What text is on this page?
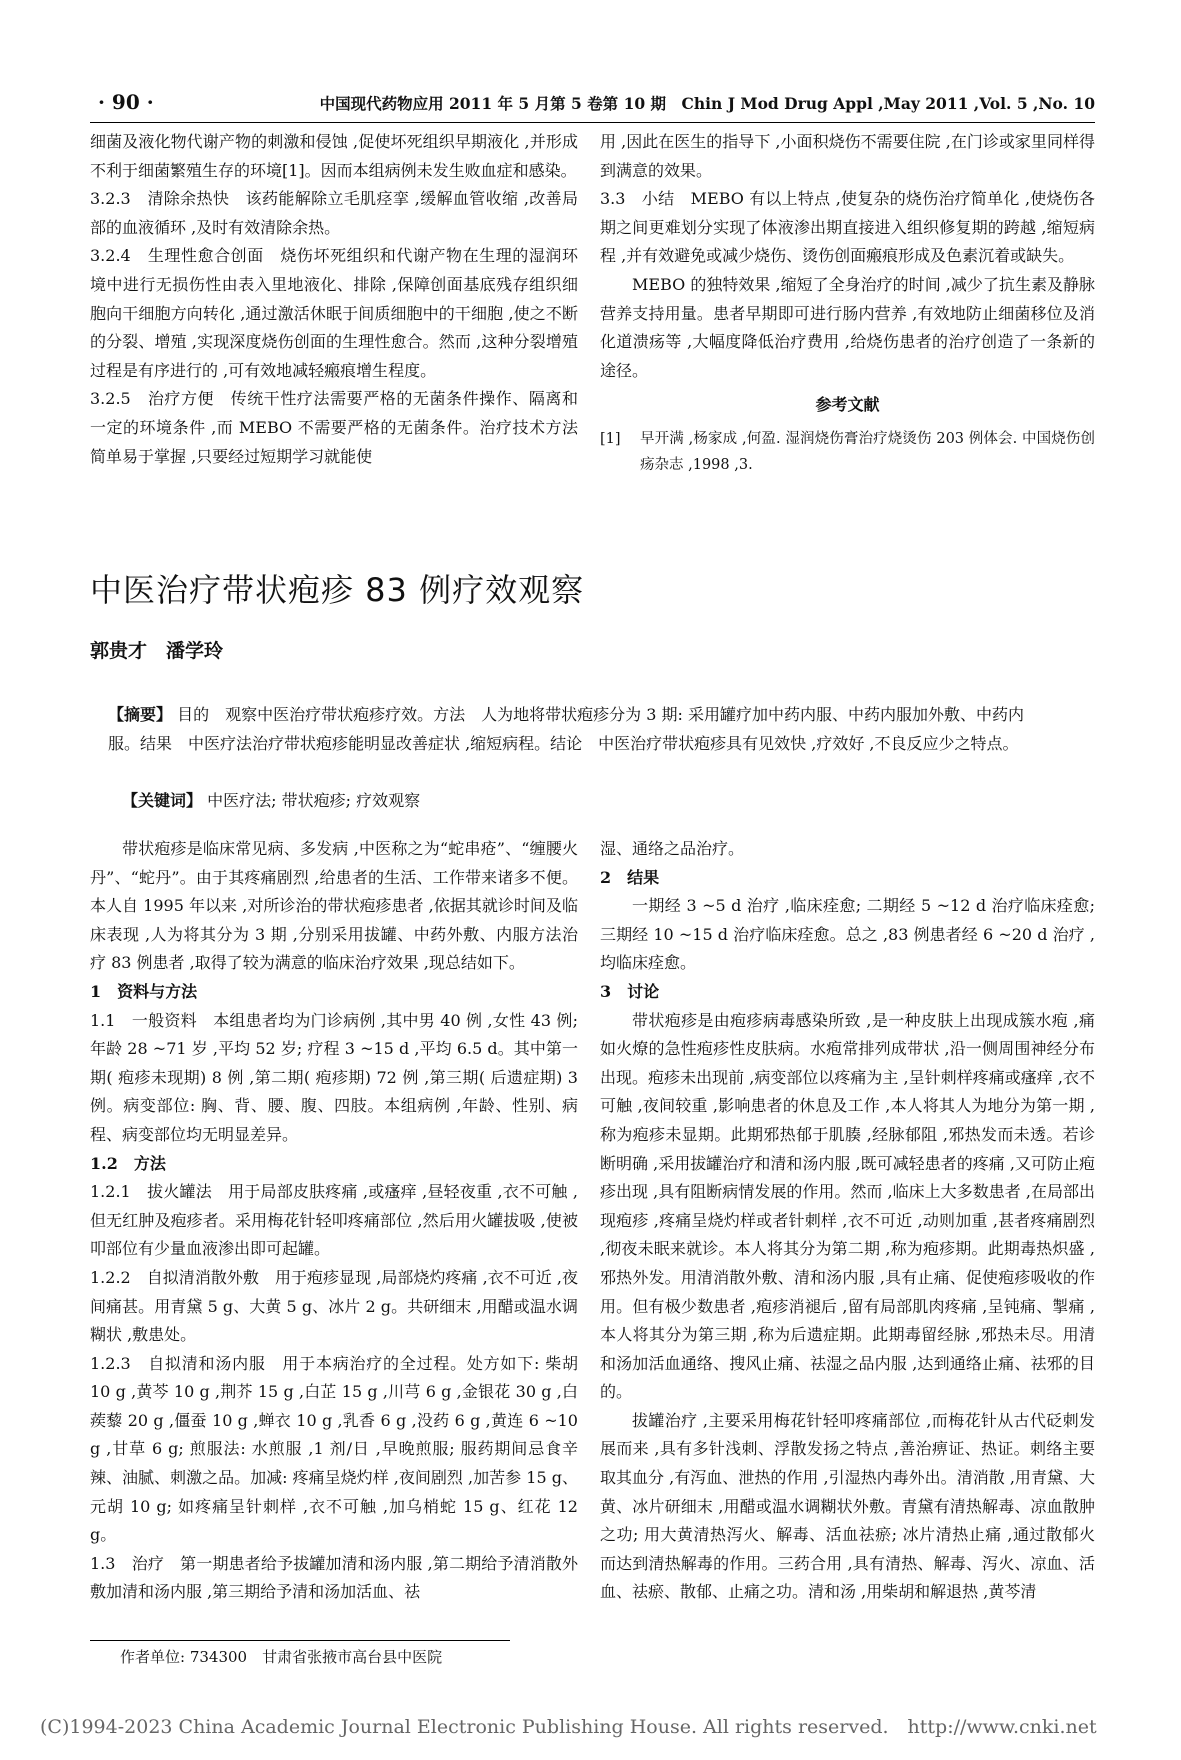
· 90 ·	中国现代药物应用 2011 年 5 月第 5 卷第 10 期　Chin J Mod Drug Appl ,May 2011 ,Vol. 5 ,No. 10

细菌及液化物代谢产物的刺激和侵蚀 ,促使坏死组织早期液化 ,并形成不利于细菌繁殖生存的环境[1]。因而本组病例未发生败血症和感染。

3.2.3　清除余热快　该药能解除立毛肌痉挛 ,缓解血管收缩 ,改善局部的血液循环 ,及时有效清除余热。

3.2.4　生理性愈合创面　烧伤坏死组织和代谢产物在生理的湿润环境中进行无损伤性由表入里地液化、排除 ,保障创面基底残存组织细胞向干细胞方向转化 ,通过激活休眠于间质细胞中的干细胞 ,使之不断的分裂、增殖 ,实现深度烧伤创面的生理性愈合。然而 ,这种分裂增殖过程是有序进行的 ,可有效地减轻瘢痕增生程度。

3.2.5　治疗方便　传统干性疗法需要严格的无菌条件操作、隔离和一定的环境条件 ,而 MEBO 不需要严格的无菌条件。治疗技术方法简单易于掌握 ,只要经过短期学习就能使

用 ,因此在医生的指导下 ,小面积烧伤不需要住院 ,在门诊或家里同样得到满意的效果。

3.3　小结　MEBO 有以上特点 ,使复杂的烧伤治疗简单化 ,使烧伤各期之间更难划分实现了体液渗出期直接进入组织修复期的跨越 ,缩短病程 ,并有效避免或减少烧伤、烫伤创面瘢痕形成及色素沉着或缺失。

MEBO 的独特效果 ,缩短了全身治疗的时间 ,减少了抗生素及静脉营养支持用量。患者早期即可进行肠内营养 ,有效地防止细菌移位及消化道溃疡等 ,大幅度降低治疗费用 ,给烧伤患者的治疗创造了一条新的途径。

参考文献

[1]	早开满 ,杨家成 ,何盈. 湿润烧伤膏治疗烧烫伤 203 例体会. 中国烧伤创疡杂志 ,1998 ,3.
中医治疗带状疱疹 83 例疗效观察
郭贵才　潘学玲
【摘要】 目的　观察中医治疗带状疱疹疗效。方法　人为地将带状疱疹分为 3 期: 采用罐疗加中药内服、中药内服加外敷、中药内服。结果　中医疗法治疗带状疱疹能明显改善症状 ,缩短病程。结论　中医治疗带状疱疹具有见效快 ,疗效好 ,不良反应少之特点。
【关键词】 中医疗法; 带状疱疹; 疗效观察

带状疱疹是临床常见病、多发病 ,中医称之为“蛇串疮”、“缠腰火丹”、“蛇丹”。由于其疼痛剧烈 ,给患者的生活、工作带来诸多不便。本人自 1995 年以来 ,对所诊治的带状疱疹患者 ,依据其就诊时间及临床表现 ,人为将其分为 3 期 ,分别采用拔罐、中药外敷、内服方法治疗 83 例患者 ,取得了较为满意的临床治疗效果 ,现总结如下。

1　资料与方法

1.1　一般资料　本组患者均为门诊病例 ,其中男 40 例 ,女性 43 例; 年龄 28 ~71 岁 ,平均 52 岁; 疗程 3 ~15 d ,平均 6.5 d。其中第一期( 疱疹未现期) 8 例 ,第二期( 疱疹期) 72 例 ,第三期( 后遗症期) 3 例。病变部位: 胸、背、腰、腹、四肢。本组病例 ,年龄、性别、病程、病变部位均无明显差异。

1.2　方法

1.2.1　拔火罐法　用于局部皮肤疼痛 ,或瘙痒 ,昼轻夜重 ,衣不可触 ,但无红肿及疱疹者。采用梅花针轻叩疼痛部位 ,然后用火罐拔吸 ,使被叩部位有少量血液渗出即可起罐。

1.2.2　自拟清消散外敷　用于疱疹显现 ,局部烧灼疼痛 ,衣不可近 ,夜间痛甚。用青黛 5 g、大黄 5 g、冰片 2 g。共研细末 ,用醋或温水调糊状 ,敷患处。

1.2.3　自拟清和汤内服　用于本病治疗的全过程。处方如下: 柴胡 10 g ,黄芩 10 g ,荆芥 15 g ,白芷 15 g ,川芎 6 g ,金银花 30 g ,白蒺藜 20 g ,僵蚕 10 g ,蝉衣 10 g ,乳香 6 g ,没药 6 g ,黄连 6 ~10 g ,甘草 6 g; 煎服法: 水煎服 ,1 剂/日 ,早晚煎服; 服药期间忌食辛辣、油腻、刺激之品。加减: 疼痛呈烧灼样 ,夜间剧烈 ,加苦参 15 g、元胡 10 g; 如疼痛呈针刺样 ,衣不可触 ,加乌梢蛇 15 g、红花 12 g。

1.3　治疗　第一期患者给予拔罐加清和汤内服 ,第二期给予清消散外敷加清和汤内服 ,第三期给予清和汤加活血、祛

湿、通络之品治疗。

2　结果

一期经 3 ~5 d 治疗 ,临床痊愈; 二期经 5 ~12 d 治疗临床痊愈; 三期经 10 ~15 d 治疗临床痊愈。总之 ,83 例患者经 6 ~20 d 治疗 ,均临床痊愈。

3　讨论

带状疱疹是由疱疹病毒感染所致 ,是一种皮肤上出现成簇水疱 ,痛如火燎的急性疱疹性皮肤病。水疱常排列成带状 ,沿一侧周围神经分布出现。疱疹未出现前 ,病变部位以疼痛为主 ,呈针刺样疼痛或瘙痒 ,衣不可触 ,夜间较重 ,影响患者的休息及工作 ,本人将其人为地分为第一期 ,称为疱疹未显期。此期邪热郁于肌腠 ,经脉郁阻 ,邪热发而未透。若诊断明确 ,采用拔罐治疗和清和汤内服 ,既可减轻患者的疼痛 ,又可防止疱疹出现 ,具有阻断病情发展的作用。然而 ,临床上大多数患者 ,在局部出现疱疹 ,疼痛呈烧灼样或者针刺样 ,衣不可近 ,动则加重 ,甚者疼痛剧烈 ,彻夜未眠来就诊。本人将其分为第二期 ,称为疱疹期。此期毒热炽盛 ,邪热外发。用清消散外敷、清和汤内服 ,具有止痛、促使疱疹吸收的作用。但有极少数患者 ,疱疹消褪后 ,留有局部肌肉疼痛 ,呈钝痛、掣痛 ,本人将其分为第三期 ,称为后遗症期。此期毒留经脉 ,邪热未尽。用清和汤加活血通络、搜风止痛、祛湿之品内服 ,达到通络止痛、祛邪的目的。

拔罐治疗 ,主要采用梅花针轻叩疼痛部位 ,而梅花针从古代砭刺发展而来 ,具有多针浅刺、浮散发扬之特点 ,善治痹证、热证。刺络主要取其血分 ,有泻血、泄热的作用 ,引湿热内毒外出。清消散 ,用青黛、大黄、冰片研细末 ,用醋或温水调糊状外敷。青黛有清热解毒、凉血散肿之功; 用大黄清热泻火、解毒、活血祛瘀; 冰片清热止痛 ,通过散郁火而达到清热解毒的作用。三药合用 ,具有清热、解毒、泻火、凉血、活血、祛瘀、散郁、止痛之功。清和汤 ,用柴胡和解退热 ,黄芩清

作者单位: 734300　甘肃省张掖市高台县中医院
(C)1994-2023 China Academic Journal Electronic Publishing House. All rights reserved.　http://www.cnki.net
